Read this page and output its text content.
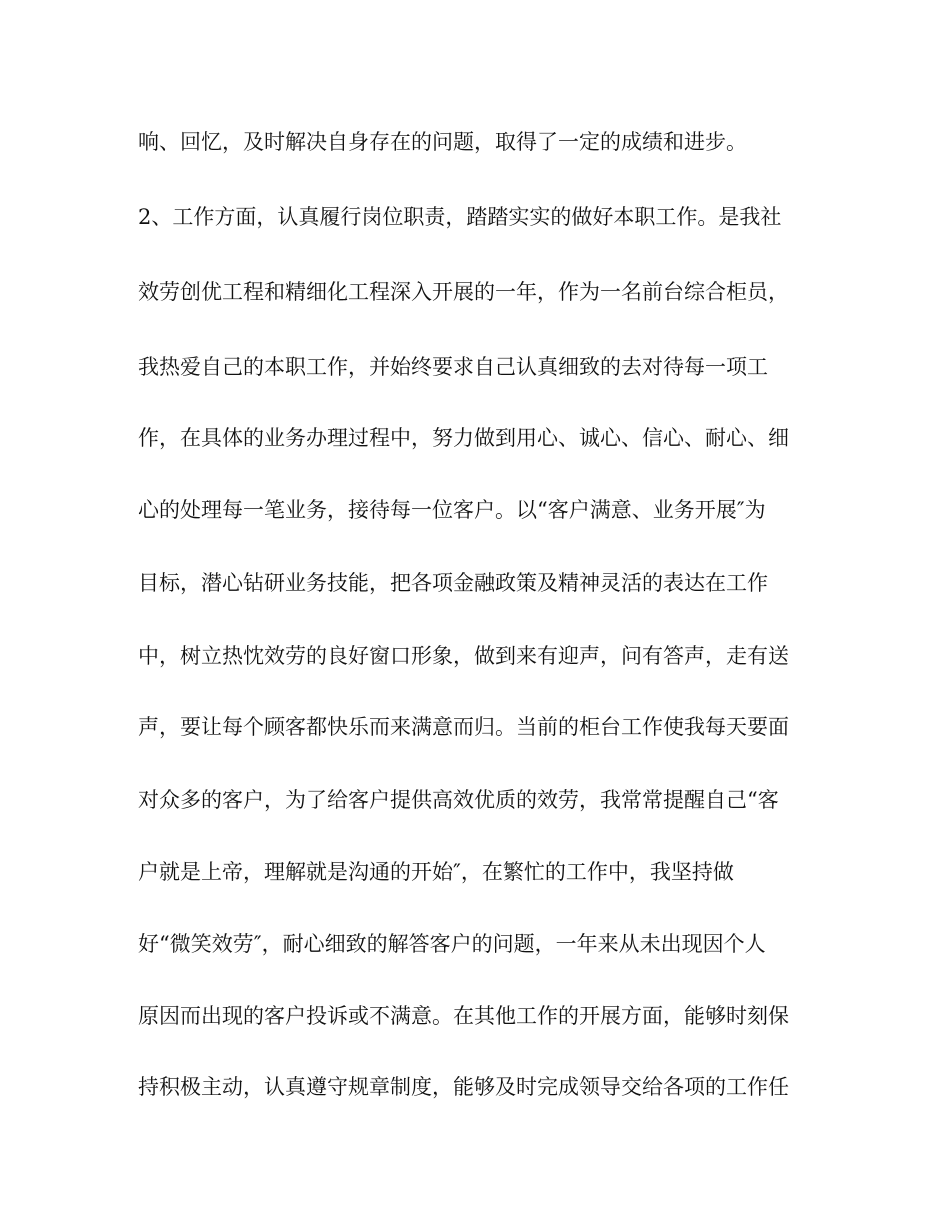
响、回忆，及时解决自身存在的问题，取得了一定的成绩和进步。
2、工作方面，认真履行岗位职责，踏踏实实的做好本职工作。是我社
效劳创优工程和精细化工程深入开展的一年，作为一名前台综合柜员，
我热爱自己的本职工作，并始终要求自己认真细致的去对待每一项工
作，在具体的业务办理过程中，努力做到用心、诚心、信心、耐心、细
心的处理每一笔业务，接待每一位客户。以“客户满意、业务开展″为
目标，潜心钻研业务技能，把各项金融政策及精神灵活的表达在工作
中，树立热忱效劳的良好窗口形象，做到来有迎声，问有答声，走有送
声，要让每个顾客都快乐而来满意而归。当前的柜台工作使我每天要面
对众多的客户，为了给客户提供高效优质的效劳，我常常提醒自己“客
户就是上帝，理解就是沟通的开始″，在繁忙的工作中，我坚持做
好“微笑效劳″，耐心细致的解答客户的问题，一年来从未出现因个人
原因而出现的客户投诉或不满意。在其他工作的开展方面，能够时刻保
持积极主动，认真遵守规章制度，能够及时完成领导交给各项的工作任
